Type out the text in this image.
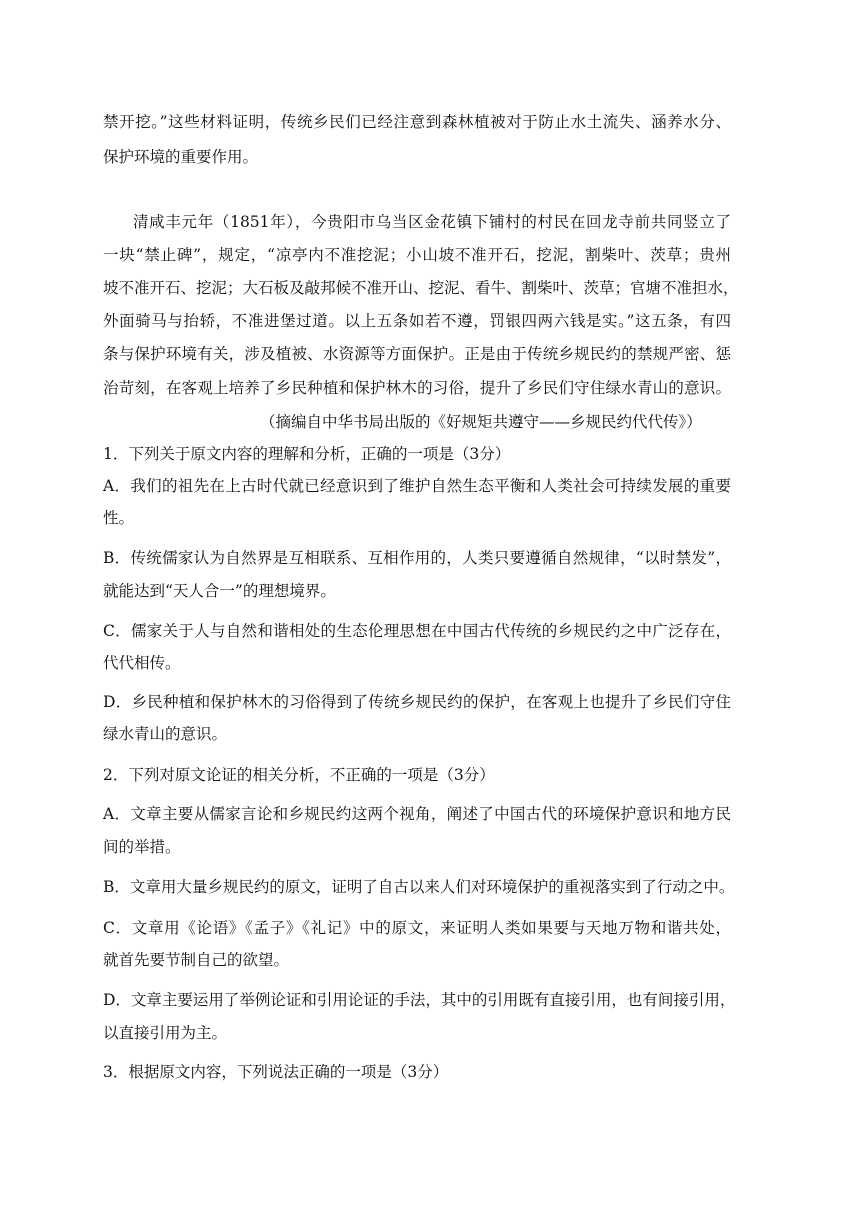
禁开挖。”这些材料证明，传统乡民们已经注意到森林植被对于防止水土流失、涵养水分、
保护环境的重要作用。
清咸丰元年（1851年），今贵阳市乌当区金花镇下铺村的村民在回龙寺前共同竖立了
一块“禁止碑”，规定，“凉亭内不准挖泥；小山坡不准开石，挖泥，割柴叶、茨草；贵州
坡不准开石、挖泥；大石板及敲邦候不准开山、挖泥、看牛、割柴叶、茨草；官塘不准担水，
外面骑马与抬轿，不准进堡过道。以上五条如若不遵，罚银四两六钱是实。”这五条，有四
条与保护环境有关，涉及植被、水资源等方面保护。正是由于传统乡规民约的禁规严密、惩
治苛刻，在客观上培养了乡民种植和保护林木的习俗，提升了乡民们守住绿水青山的意识。
（摘编自中华书局出版的《好规矩共遵守——乡规民约代代传》）
1．下列关于原文内容的理解和分析，正确的一项是（3分）
A．我们的祖先在上古时代就已经意识到了维护自然生态平衡和人类社会可持续发展的重要
性。
B．传统儒家认为自然界是互相联系、互相作用的，人类只要遵循自然规律，“以时禁发”，
就能达到“天人合一”的理想境界。
C．儒家关于人与自然和谐相处的生态伦理思想在中国古代传统的乡规民约之中广泛存在，
代代相传。
D．乡民种植和保护林木的习俗得到了传统乡规民约的保护，在客观上也提升了乡民们守住
绿水青山的意识。
2．下列对原文论证的相关分析，不正确的一项是（3分）
A．文章主要从儒家言论和乡规民约这两个视角，阐述了中国古代的环境保护意识和地方民
间的举措。
B．文章用大量乡规民约的原文，证明了自古以来人们对环境保护的重视落实到了行动之中。
C．文章用《论语》《孟子》《礼记》中的原文，来证明人类如果要与天地万物和谐共处，
就首先要节制自己的欲望。
D．文章主要运用了举例论证和引用论证的手法，其中的引用既有直接引用，也有间接引用，
以直接引用为主。
3．根据原文内容，下列说法正确的一项是（3分）
